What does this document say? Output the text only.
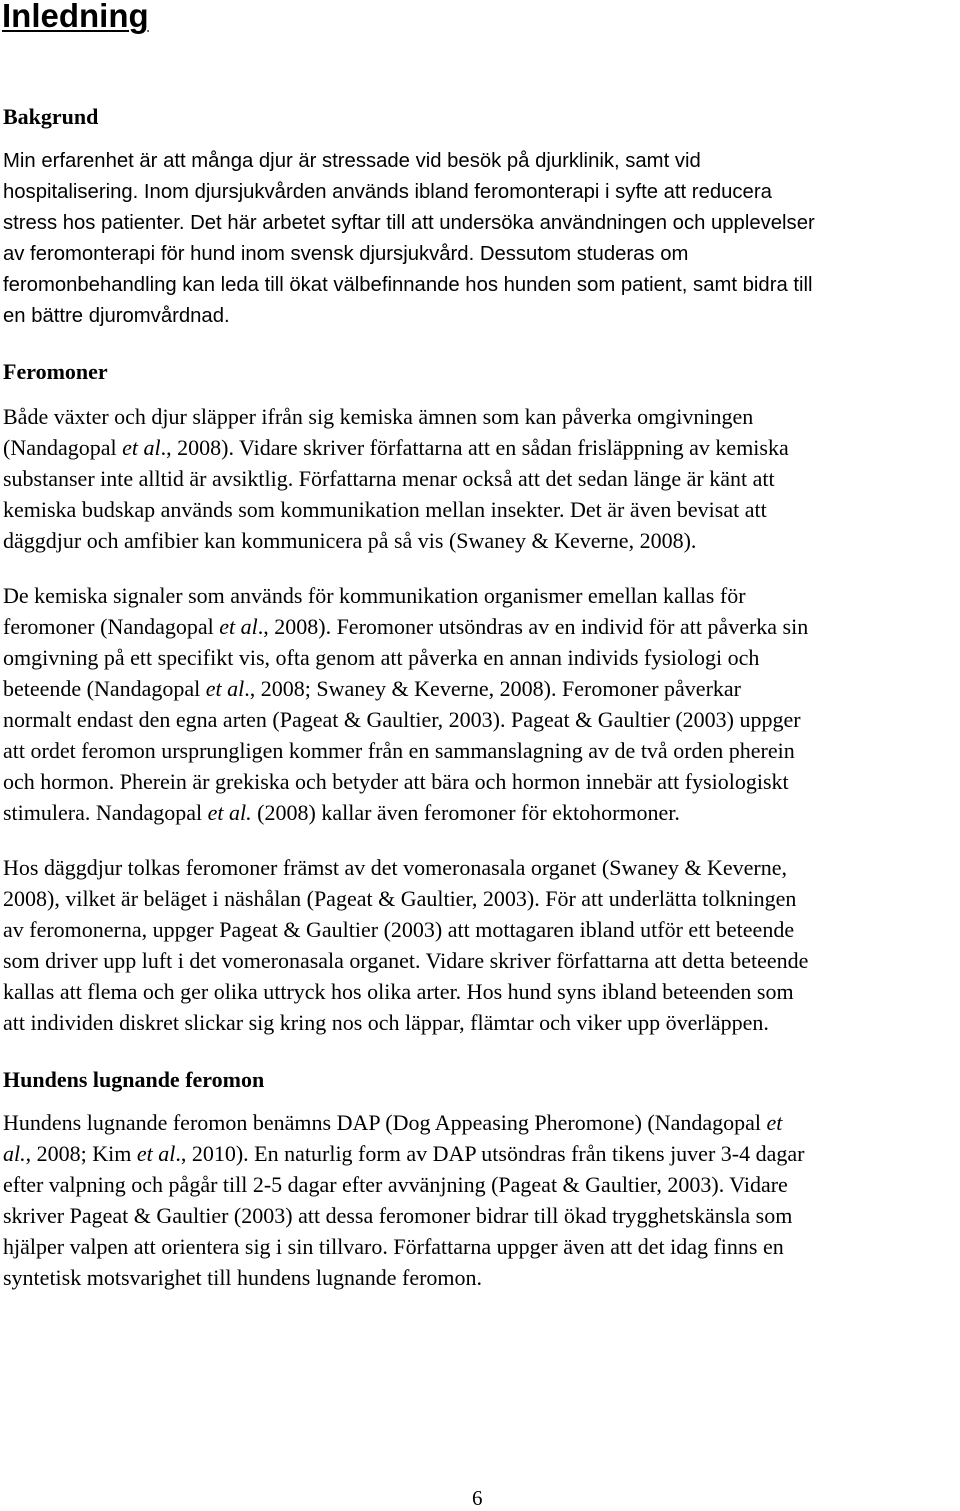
Inledning
Bakgrund
Min erfarenhet är att många djur är stressade vid besök på djurklinik, samt vid
hospitalisering. Inom djursjukvården används ibland feromonterapi i syfte att reducera
stress hos patienter. Det här arbetet syftar till att undersöka användningen och upplevelser
av feromonterapi för hund inom svensk djursjukvård. Dessutom studeras om
feromonbehandling kan leda till ökat välbefinnande hos hunden som patient, samt bidra till
en bättre djuromvårdnad.
Feromoner
Både växter och djur släpper ifrån sig kemiska ämnen som kan påverka omgivningen
(Nandagopal et al., 2008). Vidare skriver författarna att en sådan frisläppning av kemiska
substanser inte alltid är avsiktlig. Författarna menar också att det sedan länge är känt att
kemiska budskap används som kommunikation mellan insekter. Det är även bevisat att
däggdjur och amfibier kan kommunicera på så vis (Swaney & Keverne, 2008).
De kemiska signaler som används för kommunikation organismer emellan kallas för
feromoner (Nandagopal et al., 2008). Feromoner utsöndras av en individ för att påverka sin
omgivning på ett specifikt vis, ofta genom att påverka en annan individs fysiologi och
beteende (Nandagopal et al., 2008; Swaney & Keverne, 2008). Feromoner påverkar
normalt endast den egna arten (Pageat & Gaultier, 2003). Pageat & Gaultier (2003) uppger
att ordet feromon ursprungligen kommer från en sammanslagning av de två orden pherein
och hormon. Pherein är grekiska och betyder att bära och hormon innebär att fysiologiskt
stimulera. Nandagopal et al. (2008) kallar även feromoner för ektohormoner.
Hos däggdjur tolkas feromoner främst av det vomeronasala organet (Swaney & Keverne,
2008), vilket är beläget i näshålan (Pageat & Gaultier, 2003). För att underlätta tolkningen
av feromonerna, uppger Pageat & Gaultier (2003) att mottagaren ibland utför ett beteende
som driver upp luft i det vomeronasala organet. Vidare skriver författarna att detta beteende
kallas att flema och ger olika uttryck hos olika arter. Hos hund syns ibland beteenden som
att individen diskret slickar sig kring nos och läppar, flämtar och viker upp överläppen.
Hundens lugnande feromon
Hundens lugnande feromon benämns DAP (Dog Appeasing Pheromone) (Nandagopal et
al., 2008; Kim et al., 2010). En naturlig form av DAP utsöndras från tikens juver 3-4 dagar
efter valpning och pågår till 2-5 dagar efter avvänjning (Pageat & Gaultier, 2003). Vidare
skriver Pageat & Gaultier (2003) att dessa feromoner bidrar till ökad trygghetskänsla som
hjälper valpen att orientera sig i sin tillvaro. Författarna uppger även att det idag finns en
syntetisk motsvarighet till hundens lugnande feromon.
6
